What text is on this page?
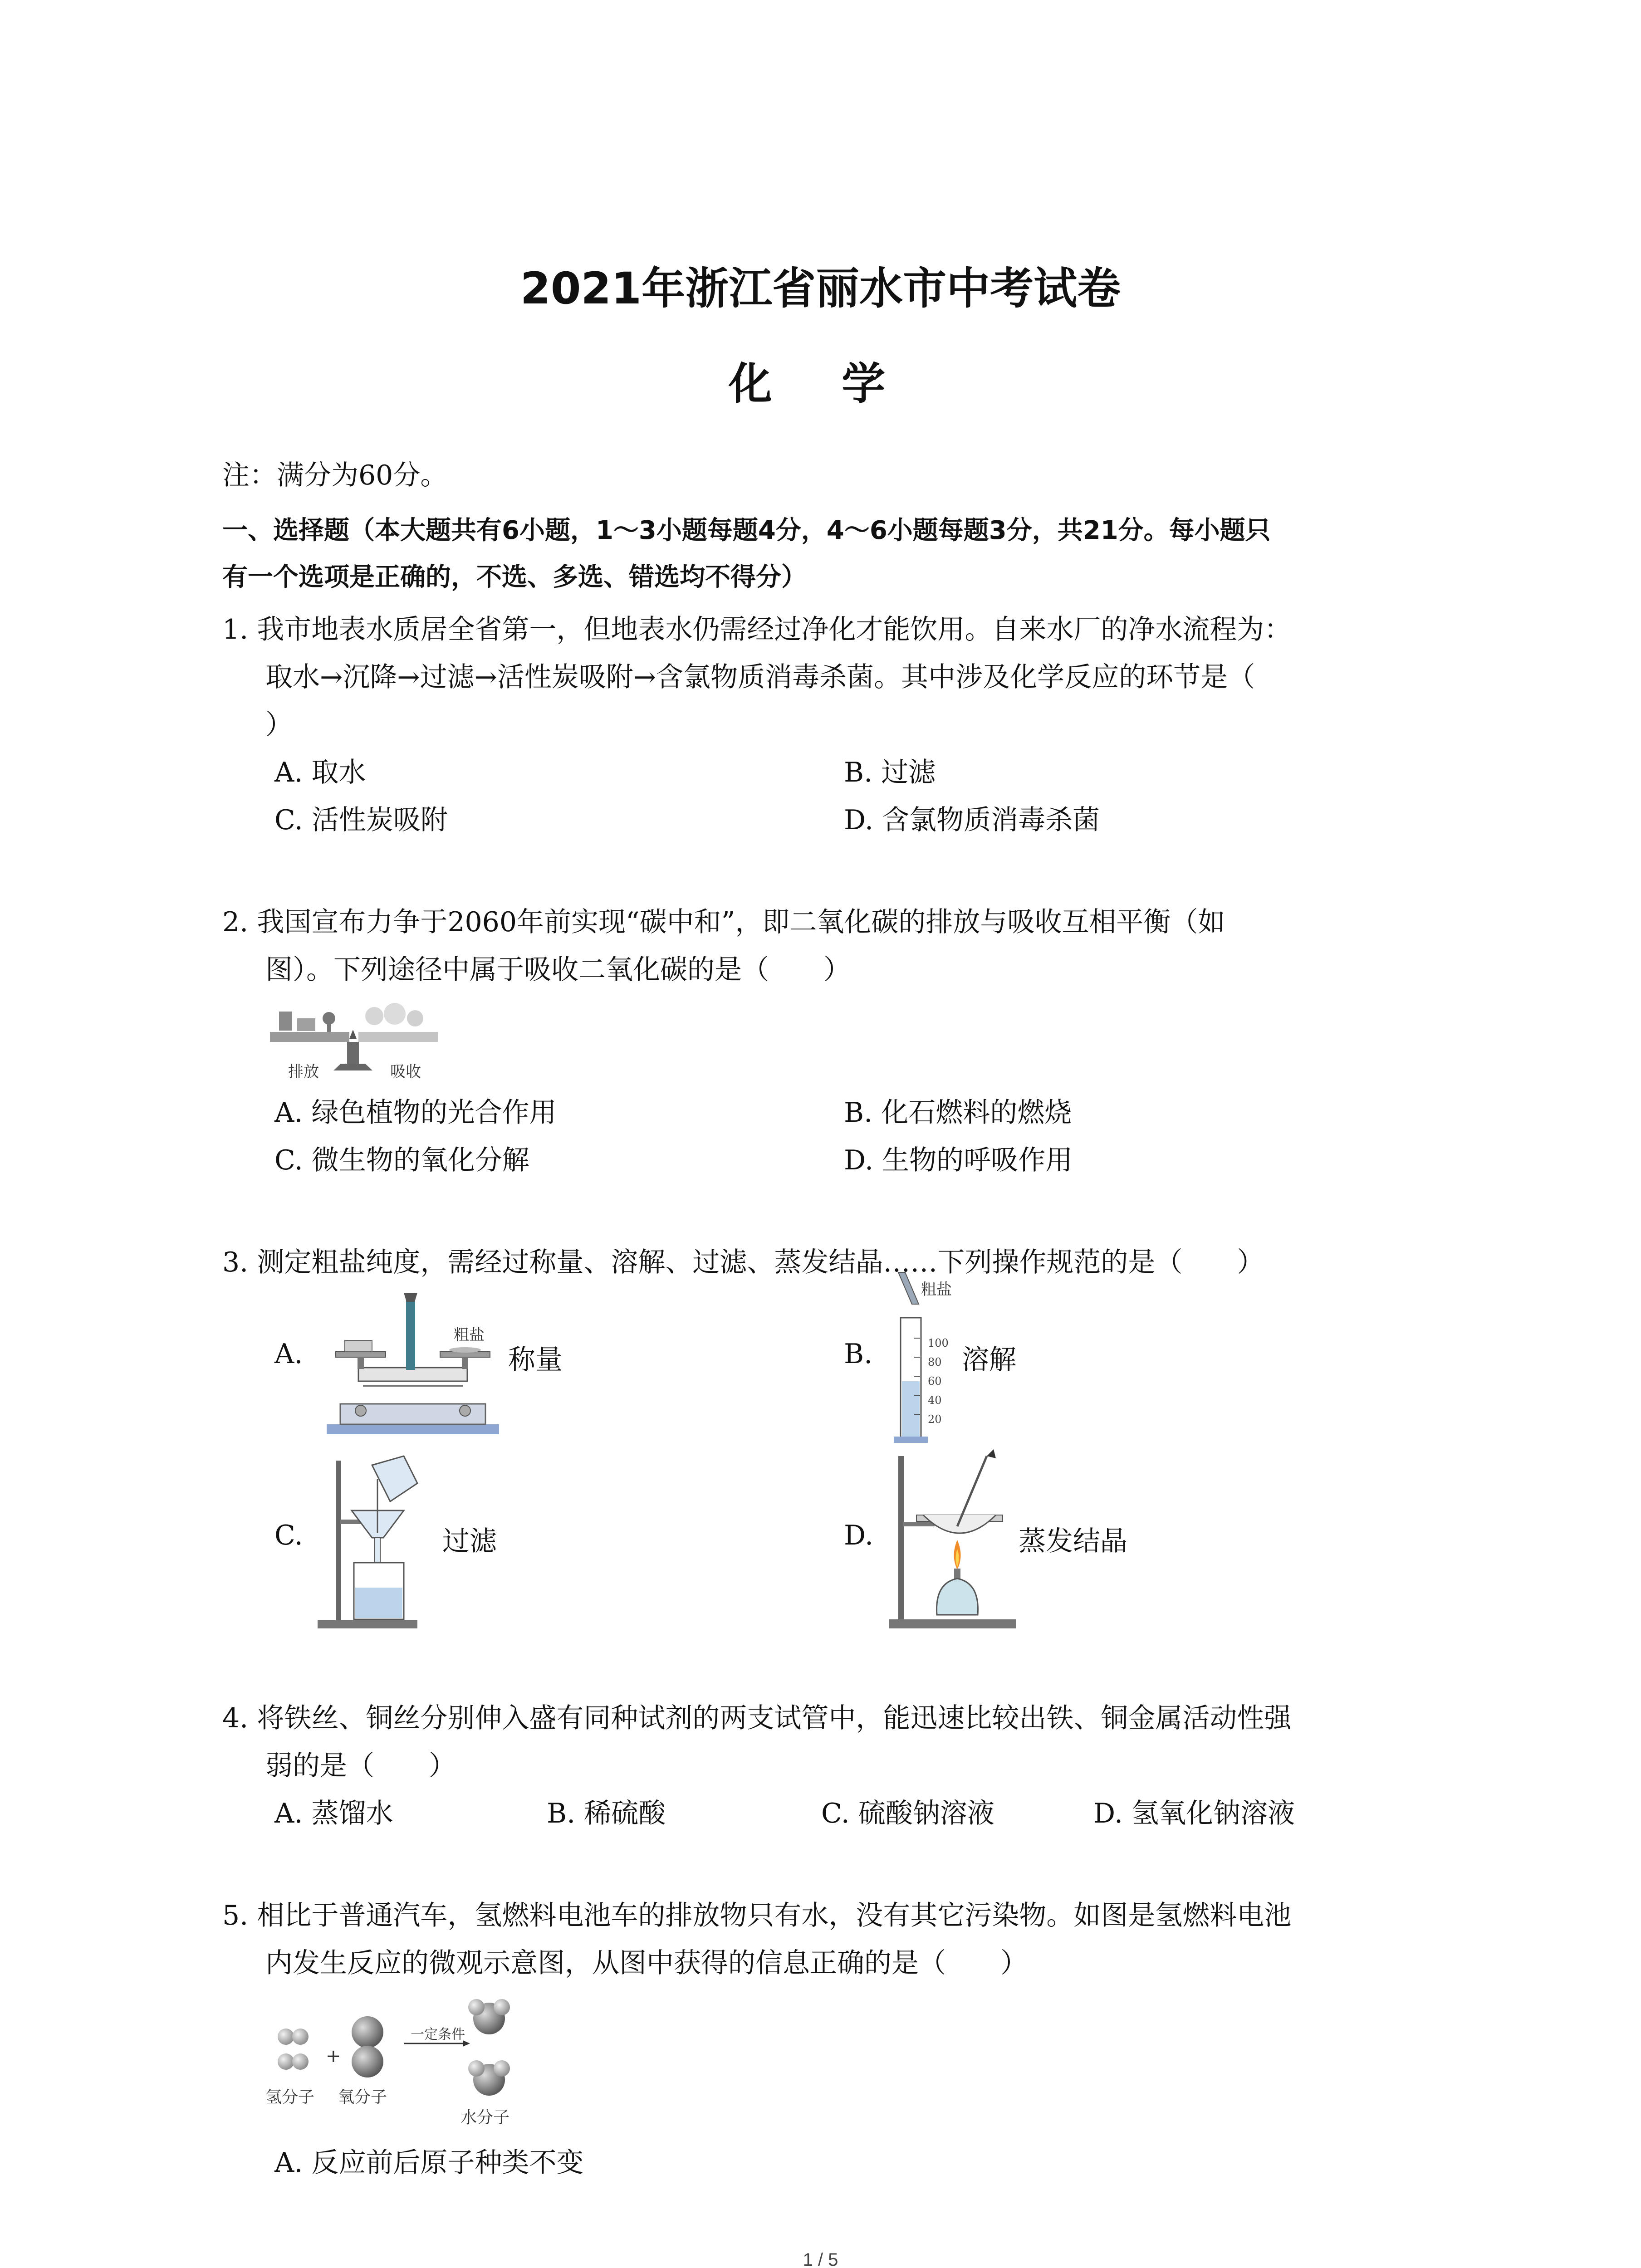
2021年浙江省丽水市中考试卷
化 学
注：满分为60分。
一、选择题（本大题共有6小题，1～3小题每题4分，4～6小题每题3分，共21分。每小题只
有一个选项是正确的，不选、多选、错选均不得分）
1. 我市地表水质居全省第一，但地表水仍需经过净化才能饮用。自来水厂的净水流程为：
取水→沉降→过滤→活性炭吸附→含氯物质消毒杀菌。其中涉及化学反应的环节是（
）
A. 取水	B. 过滤
C. 活性炭吸附	D. 含氯物质消毒杀菌
2. 我国宣布力争于2060年前实现“碳中和”，即二氧化碳的排放与吸收互相平衡（如
图）。下列途径中属于吸收二氧化碳的是（　　）
排放	吸收
A. 绿色植物的光合作用	B. 化石燃料的燃烧
C. 微生物的氧化分解	D. 生物的呼吸作用
3. 测定粗盐纯度，需经过称量、溶解、过滤、蒸发结晶……下列操作规范的是（　　）
A.
粗盐
称量	B.
粗盐
100
80
60
40
20
溶解
C.	过滤	D.	蒸发结晶
4. 将铁丝、铜丝分别伸入盛有同种试剂的两支试管中，能迅速比较出铁、铜金属活动性强
弱的是（　　）
A. 蒸馏水	B. 稀硫酸	C. 硫酸钠溶液	D. 氢氧化钠溶液
5. 相比于普通汽车，氢燃料电池车的排放物只有水，没有其它污染物。如图是氢燃料电池
内发生反应的微观示意图，从图中获得的信息正确的是（　　）
一定条件
+
氢分子 氧分子
水分子
A. 反应前后原子种类不变
1 / 5
